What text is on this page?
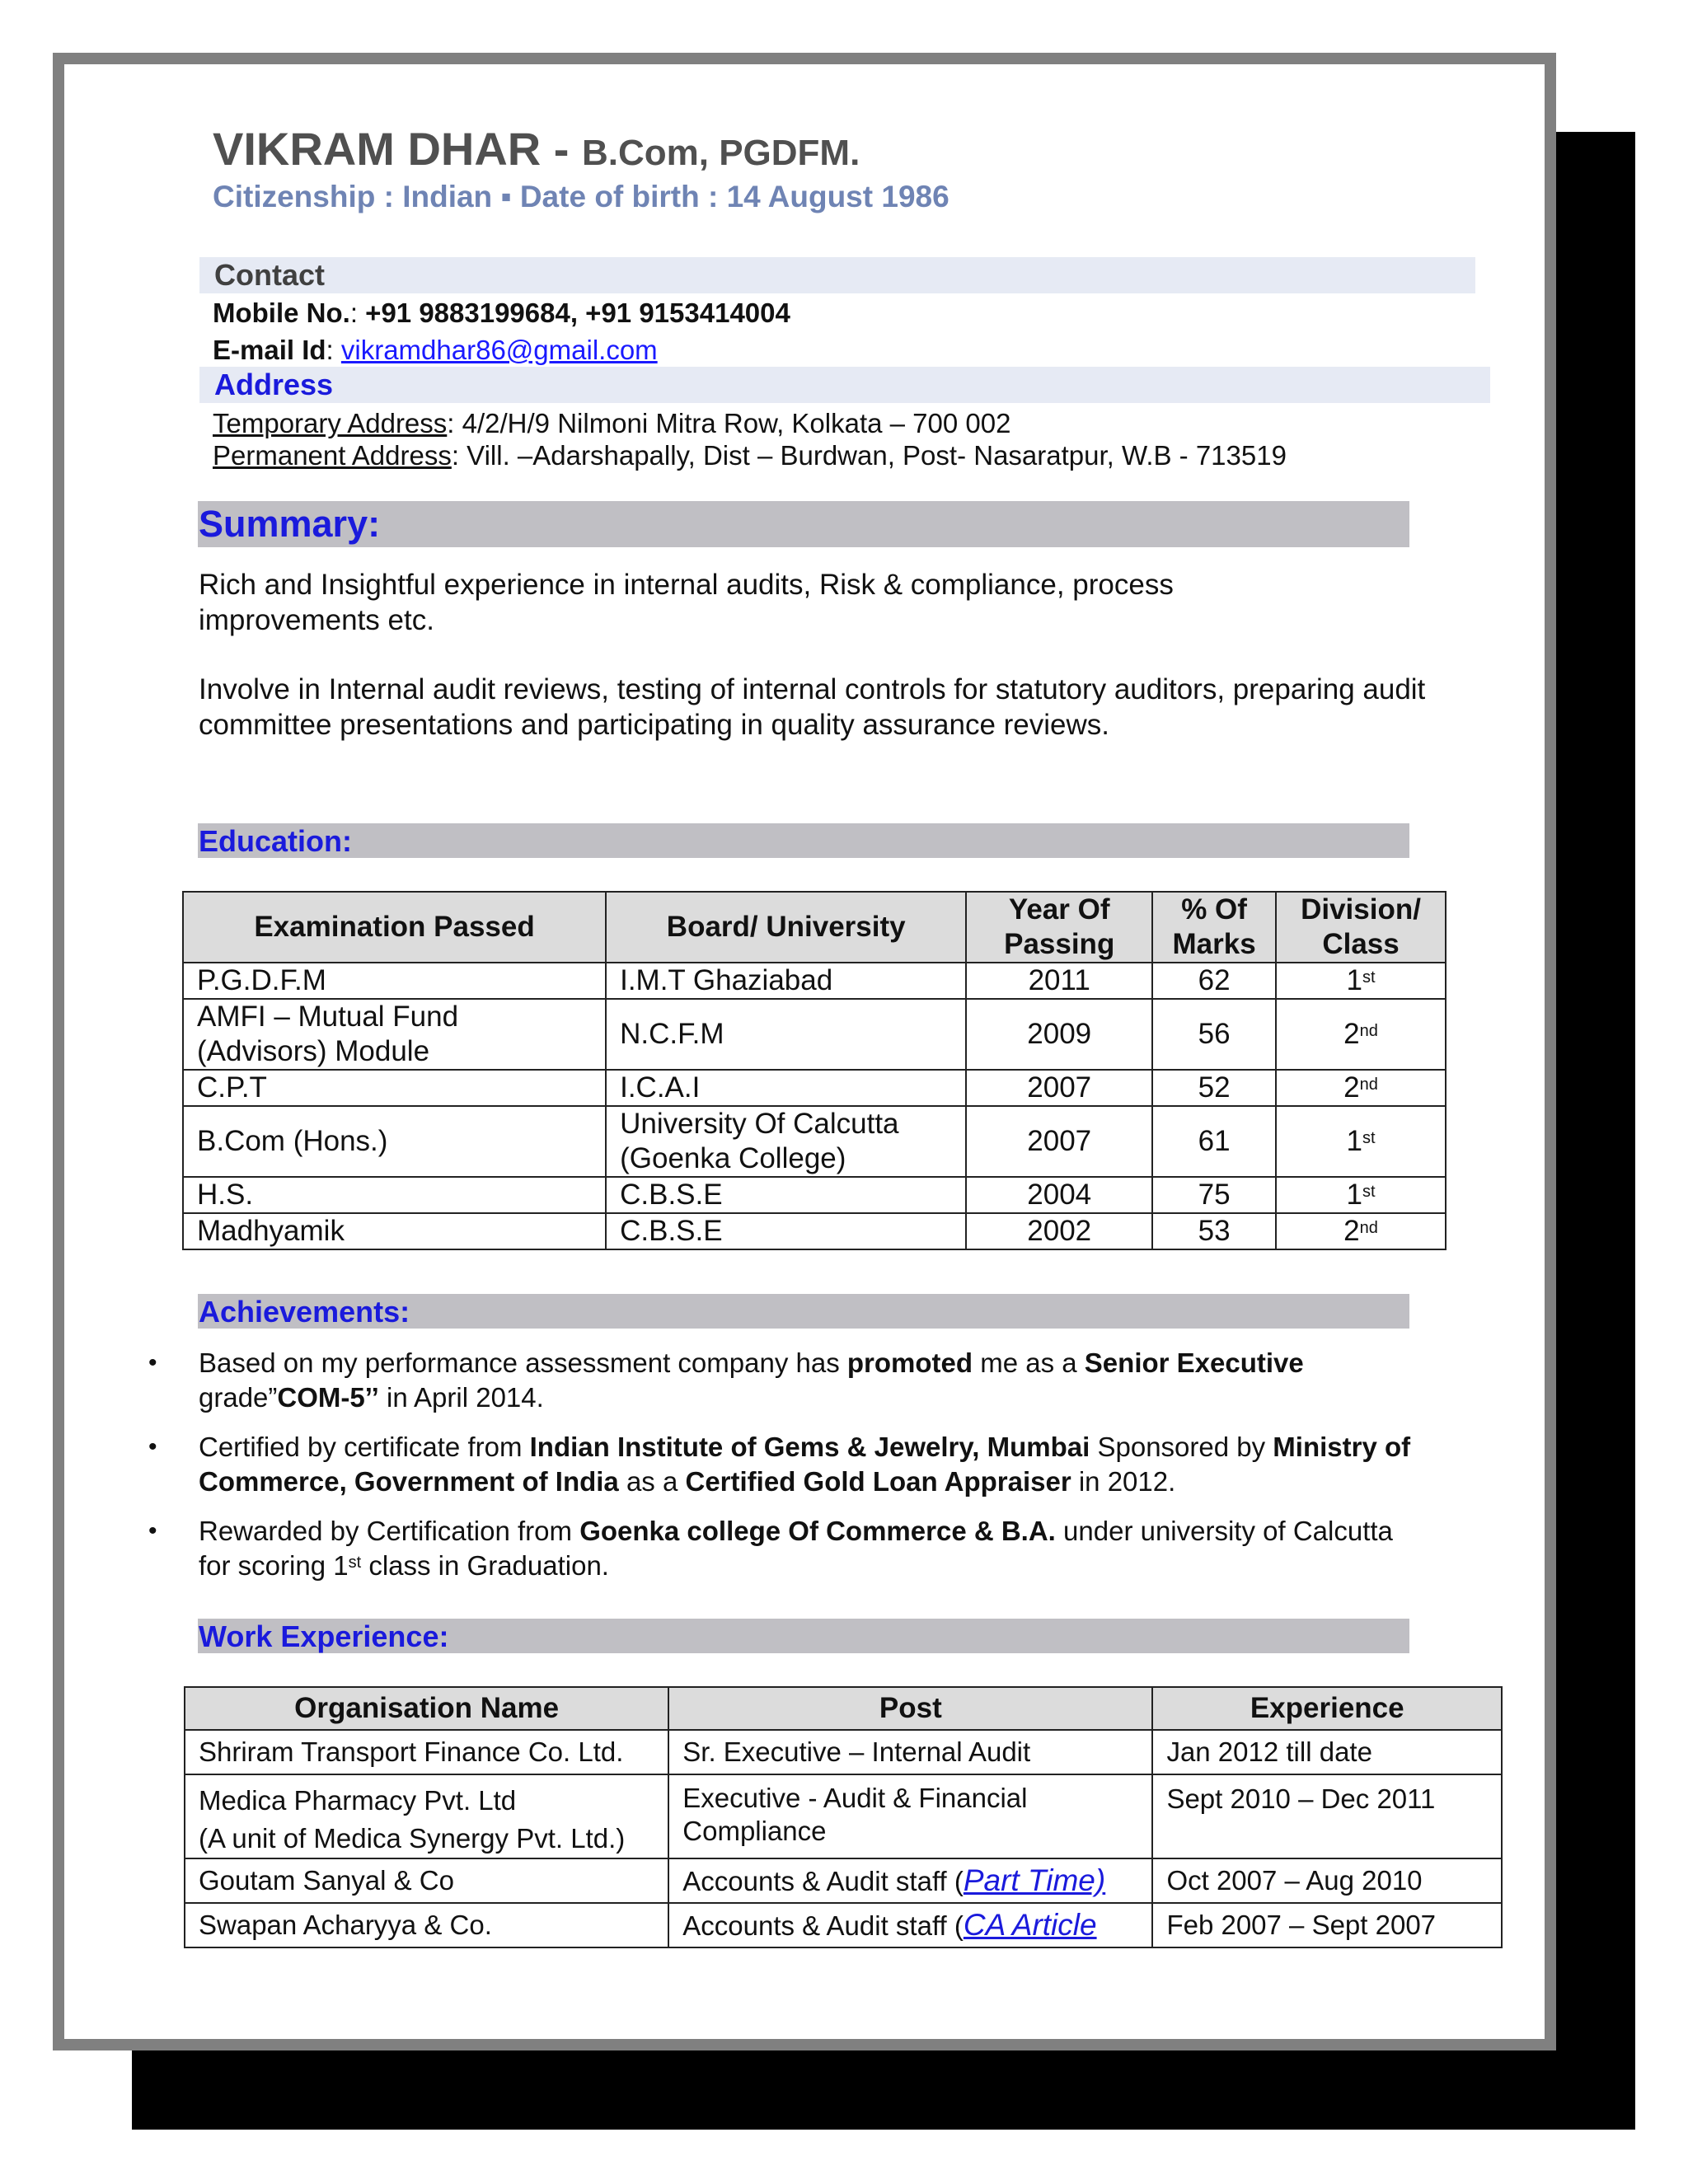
VIKRAM DHAR - B.Com, PGDFM.
Citizenship : Indian ▪ Date of birth : 14 August 1986
Contact
Mobile No.: +91 9883199684, +91 9153414004
E-mail Id: vikramdhar86@gmail.com
Address
Temporary Address: 4/2/H/9 Nilmoni Mitra Row, Kolkata – 700 002
Permanent Address: Vill. –Adarshapally, Dist – Burdwan, Post- Nasaratpur, W.B - 713519
Summary:
Rich and Insightful experience in internal audits, Risk & compliance, process improvements etc.
Involve in Internal audit reviews, testing of internal controls for statutory auditors, preparing audit committee presentations and participating in quality assurance reviews.
Education:
Examination Passed	Board/ University	Year Of Passing	% Of Marks	Division/ Class
P.G.D.F.M	I.M.T Ghaziabad	2011	62	1st
AMFI – Mutual Fund (Advisors) Module	N.C.F.M	2009	56	2nd
C.P.T	I.C.A.I	2007	52	2nd
B.Com (Hons.)	University Of Calcutta (Goenka College)	2007	61	1st
H.S.	C.B.S.E	2004	75	1st
Madhyamik	C.B.S.E	2002	53	2nd
Achievements:
• Based on my performance assessment company has promoted me as a Senior Executive grade”COM-5’’ in April 2014.
• Certified by certificate from Indian Institute of Gems & Jewelry, Mumbai Sponsored by Ministry of Commerce, Government of India as a Certified Gold Loan Appraiser in 2012.
• Rewarded by Certification from Goenka college Of Commerce & B.A. under university of Calcutta for scoring 1st class in Graduation.
Work Experience:
Organisation Name	Post	Experience
Shriram Transport Finance Co. Ltd.	Sr. Executive – Internal Audit	Jan 2012 till date

Medica Pharmacy Pvt. Ltd
(A unit of Medica Synergy Pvt. Ltd.)	Executive - Audit & Financial Compliance	Sept 2010 – Dec 2011
Goutam Sanyal & Co	Accounts & Audit staff (Part Time)	Oct 2007 – Aug 2010
Swapan Acharyya & Co.	Accounts & Audit staff (CA Article	Feb 2007 – Sept 2007
